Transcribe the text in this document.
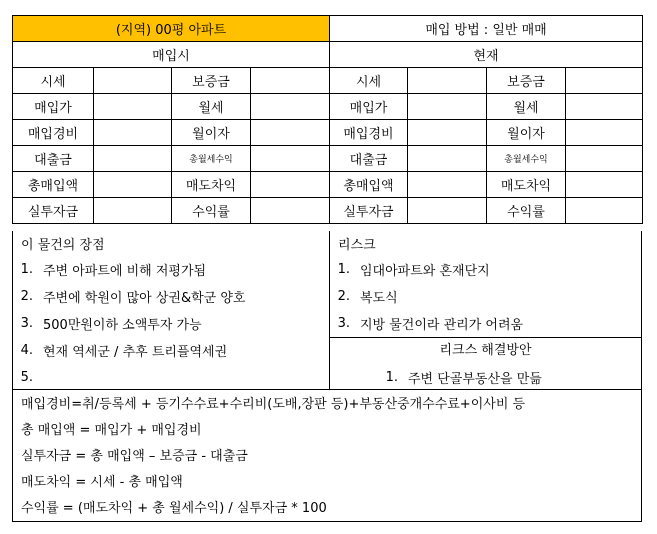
(지역) 00평 아파트				매입 방법 : 일반 매매			
매입시				현재			
시세		보증금		시세		보증금	
매입가		월세		매입가		월세	
매입경비		월이자		매입경비		월이자	
대출금		총월세수익		대출금		총월세수익	
총매입액		매도차익		총매입액		매도차익	
실투자금		수익률		실투자금		수익률	
이 물건의 장점
1. 주변 아파트에 비해 저평가됨
2. 주변에 학원이 많아 상권&학군 양호
3. 500만원이하 소액투자 가능
4. 현재 역세군 / 추후 트리플역세권
5.
리스크
1. 임대아파트와 혼재단지
2. 복도식
3. 지방 물건이라 관리가 어려움
리크스 해결방안
1. 주변 단골부동산을 만듦
매입경비=취/등록세 + 등기수수료+수리비(도배,장판 등)+부동산중개수수료+이사비 등
총 매입액 = 매입가 + 매입경비
실투자금 = 총 매입액 – 보증금 - 대출금
매도차익 = 시세 - 총 매입액
수익률 = (매도차익 + 총 월세수익) / 실투자금 * 100
